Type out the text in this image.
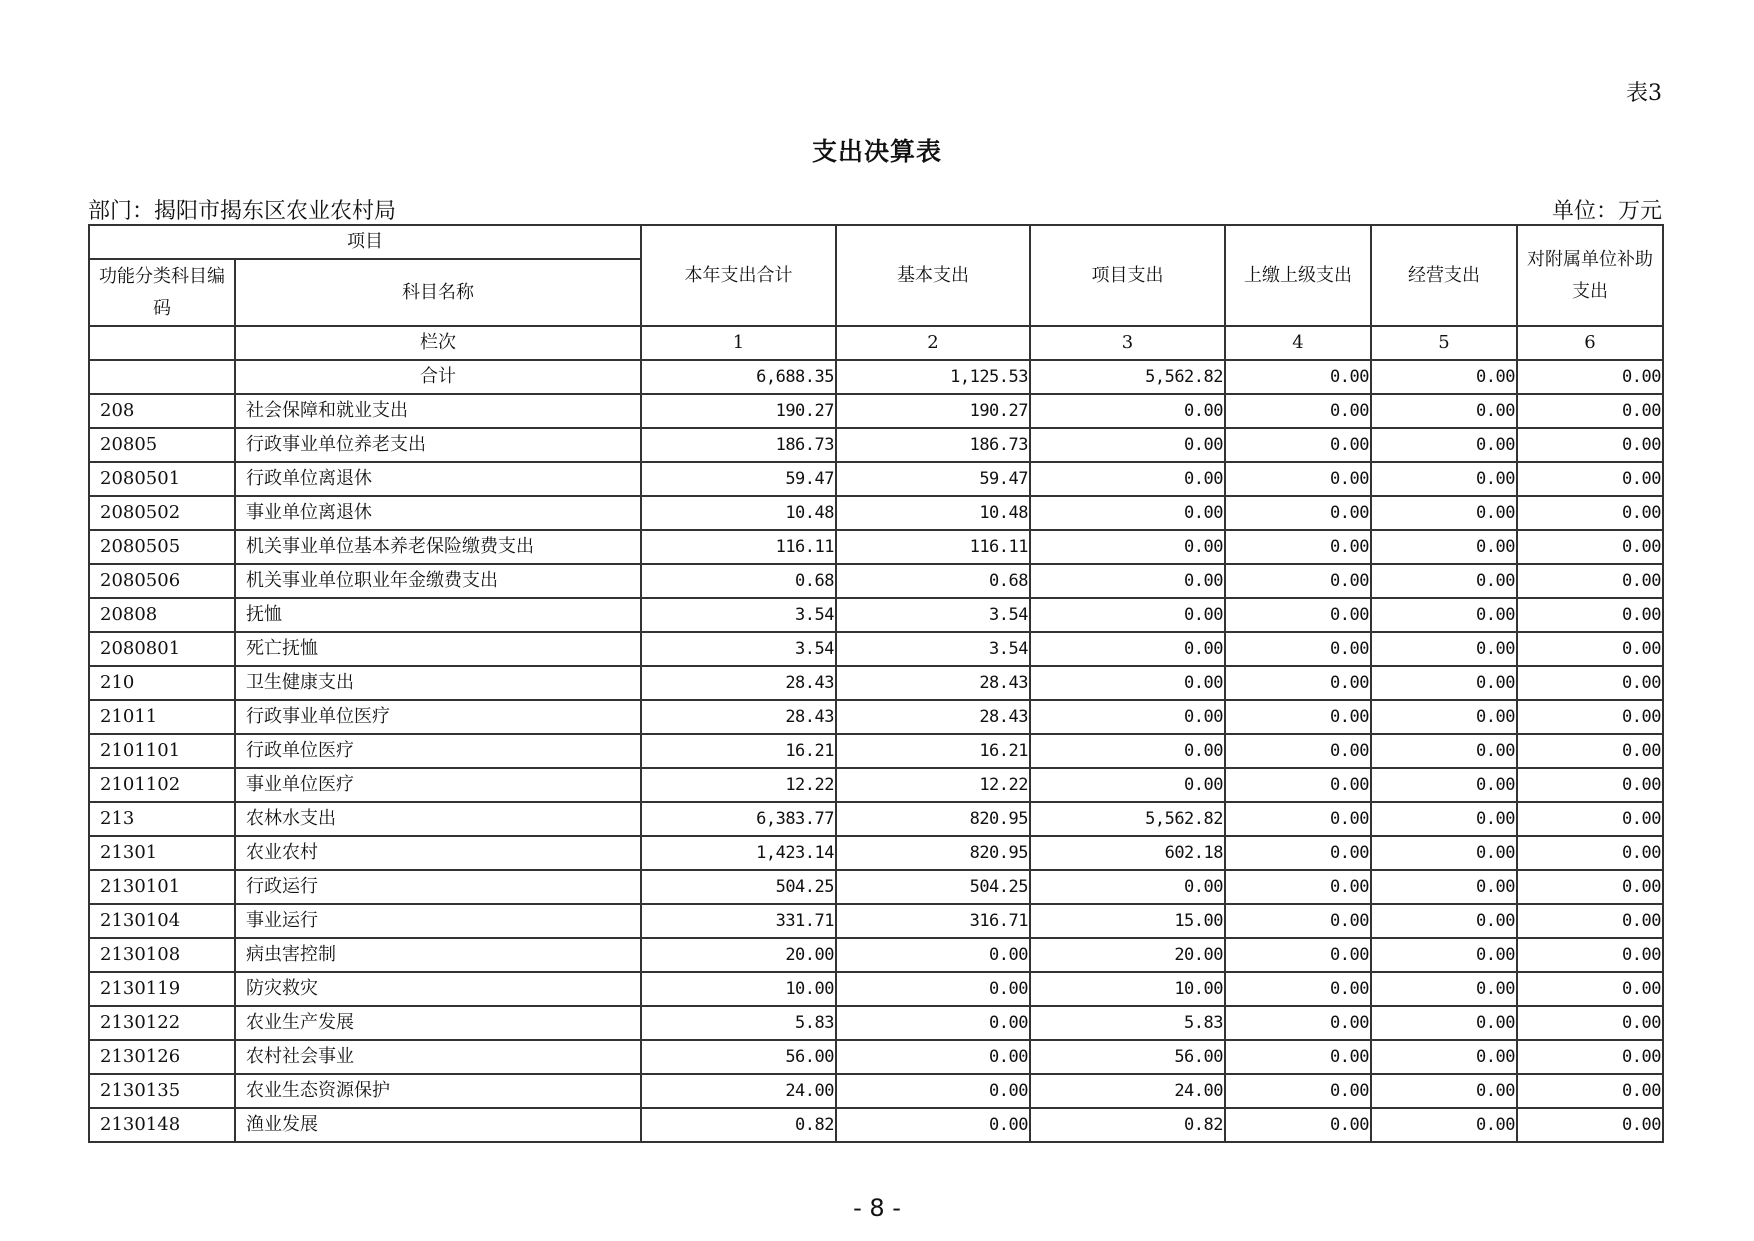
表3
支出决算表
部门：揭阳市揭东区农业农村局	单位：万元
项目		本年支出合计	基本支出	项目支出	上缴上级支出	经营支出	对附属单位补助支出
功能分类科目编码	科目名称						
	栏次	1	2	3	4	5	6
	合计	6,688.35	1,125.53	5,562.82	0.00	0.00	0.00
208	社会保障和就业支出	190.27	190.27	0.00	0.00	0.00	0.00
20805	行政事业单位养老支出	186.73	186.73	0.00	0.00	0.00	0.00
2080501	行政单位离退休	59.47	59.47	0.00	0.00	0.00	0.00
2080502	事业单位离退休	10.48	10.48	0.00	0.00	0.00	0.00
2080505	机关事业单位基本养老保险缴费支出	116.11	116.11	0.00	0.00	0.00	0.00
2080506	机关事业单位职业年金缴费支出	0.68	0.68	0.00	0.00	0.00	0.00
20808	抚恤	3.54	3.54	0.00	0.00	0.00	0.00
2080801	死亡抚恤	3.54	3.54	0.00	0.00	0.00	0.00
210	卫生健康支出	28.43	28.43	0.00	0.00	0.00	0.00
21011	行政事业单位医疗	28.43	28.43	0.00	0.00	0.00	0.00
2101101	行政单位医疗	16.21	16.21	0.00	0.00	0.00	0.00
2101102	事业单位医疗	12.22	12.22	0.00	0.00	0.00	0.00
213	农林水支出	6,383.77	820.95	5,562.82	0.00	0.00	0.00
21301	农业农村	1,423.14	820.95	602.18	0.00	0.00	0.00
2130101	行政运行	504.25	504.25	0.00	0.00	0.00	0.00
2130104	事业运行	331.71	316.71	15.00	0.00	0.00	0.00
2130108	病虫害控制	20.00	0.00	20.00	0.00	0.00	0.00
2130119	防灾救灾	10.00	0.00	10.00	0.00	0.00	0.00
2130122	农业生产发展	5.83	0.00	5.83	0.00	0.00	0.00
2130126	农村社会事业	56.00	0.00	56.00	0.00	0.00	0.00
2130135	农业生态资源保护	24.00	0.00	24.00	0.00	0.00	0.00
2130148	渔业发展	0.82	0.00	0.82	0.00	0.00	0.00
- 8 -
